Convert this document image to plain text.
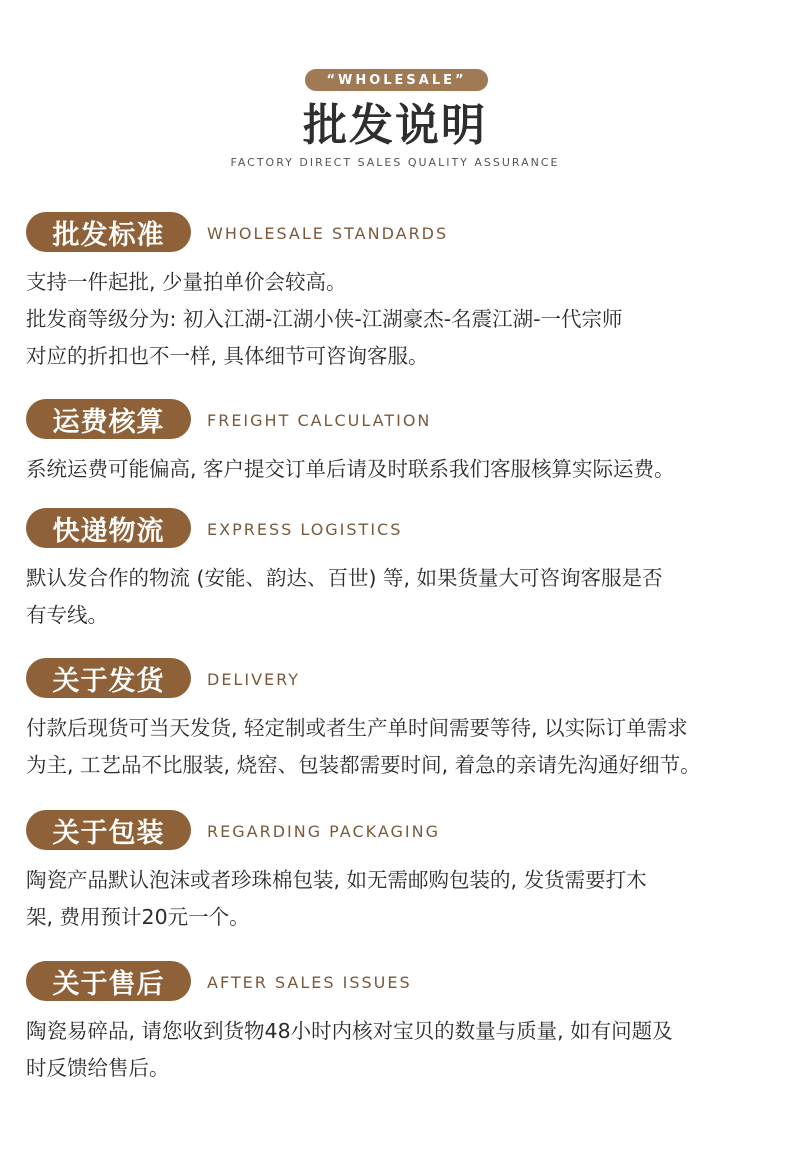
“WHOLESALE”
批发说明
FACTORY DIRECT SALES QUALITY ASSURANCE
批发标准	WHOLESALE STANDARDS
支持一件起批, 少量拍单价会较高。
批发商等级分为: 初入江湖-江湖小侠-江湖豪杰-名震江湖-一代宗师
对应的折扣也不一样, 具体细节可咨询客服。
运费核算	FREIGHT CALCULATION
系统运费可能偏高, 客户提交订单后请及时联系我们客服核算实际运费。
快递物流	EXPRESS LOGISTICS
默认发合作的物流 (安能、韵达、百世) 等, 如果货量大可咨询客服是否
有专线。
关于发货	DELIVERY
付款后现货可当天发货, 轻定制或者生产单时间需要等待, 以实际订单需求
为主, 工艺品不比服装, 烧窑、包装都需要时间, 着急的亲请先沟通好细节。
关于包装	REGARDING PACKAGING
陶瓷产品默认泡沫或者珍珠棉包装, 如无需邮购包装的, 发货需要打木
架, 费用预计20元一个。
关于售后	AFTER SALES ISSUES
陶瓷易碎品, 请您收到货物48小时内核对宝贝的数量与质量, 如有问题及
时反馈给售后。
